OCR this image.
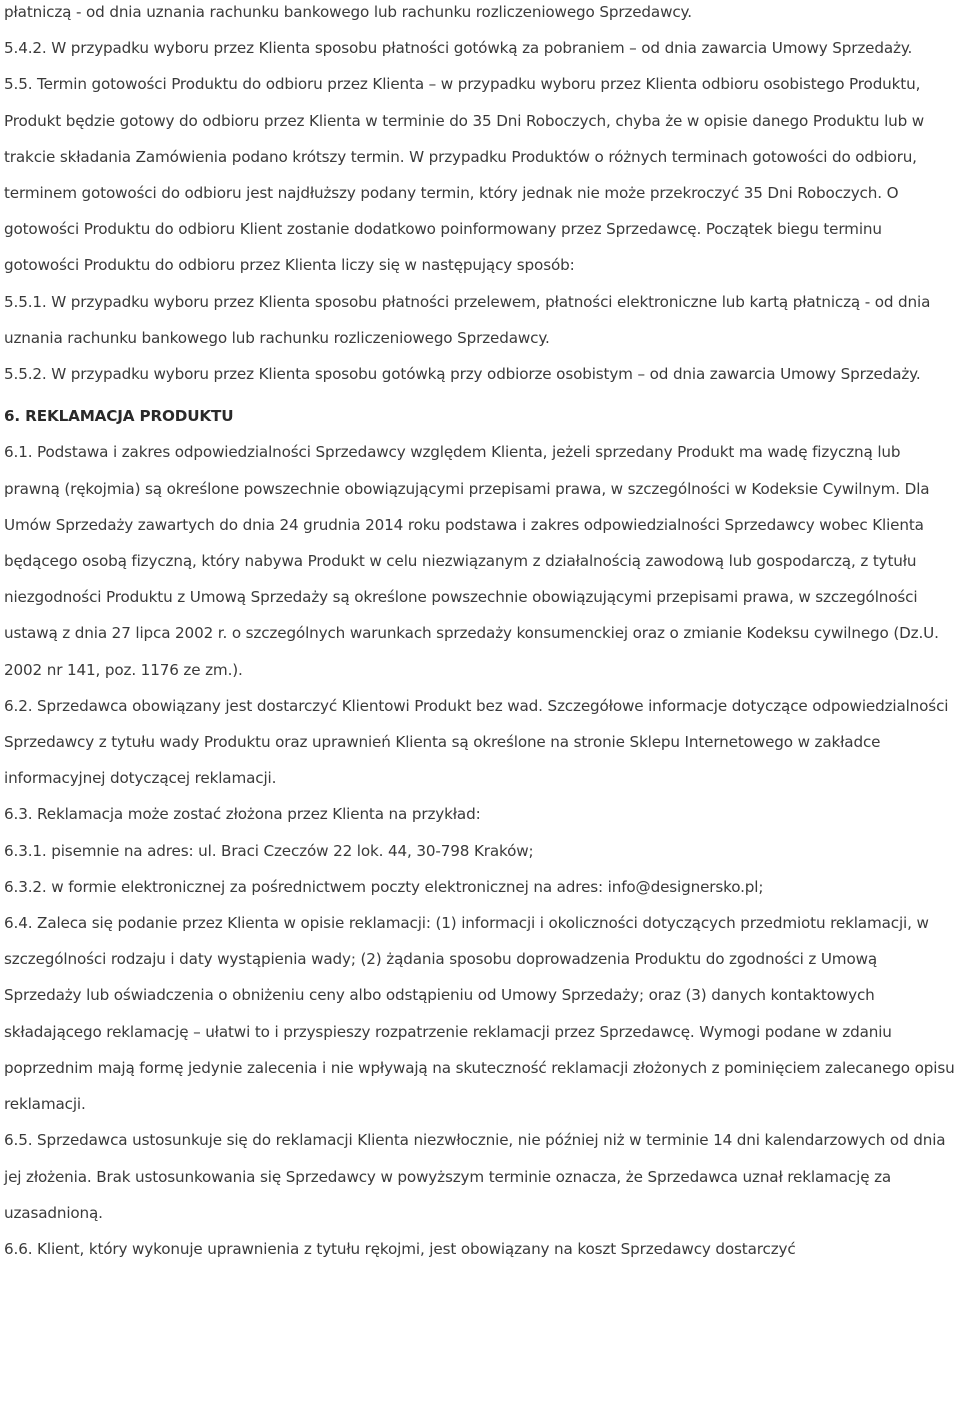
płatniczą - od dnia uznania rachunku bankowego lub rachunku rozliczeniowego Sprzedawcy.

5.4.2. W przypadku wyboru przez Klienta sposobu płatności gotówką za pobraniem – od dnia zawarcia Umowy Sprzedaży.

5.5. Termin gotowości Produktu do odbioru przez Klienta – w przypadku wyboru przez Klienta odbioru osobistego Produktu, Produkt będzie gotowy do odbioru przez Klienta w terminie do 35 Dni Roboczych, chyba że w opisie danego Produktu lub w trakcie składania Zamówienia podano krótszy termin. W przypadku Produktów o różnych terminach gotowości do odbioru, terminem gotowości do odbioru jest najdłuższy podany termin, który jednak nie może przekroczyć 35 Dni Roboczych. O gotowości Produktu do odbioru Klient zostanie dodatkowo poinformowany przez Sprzedawcę. Początek biegu terminu gotowości Produktu do odbioru przez Klienta liczy się w następujący sposób:

5.5.1. W przypadku wyboru przez Klienta sposobu płatności przelewem, płatności elektroniczne lub kartą płatniczą - od dnia uznania rachunku bankowego lub rachunku rozliczeniowego Sprzedawcy.

5.5.2. W przypadku wyboru przez Klienta sposobu gotówką przy odbiorze osobistym – od dnia zawarcia Umowy Sprzedaży.

6. REKLAMACJA PRODUKTU

6.1. Podstawa i zakres odpowiedzialności Sprzedawcy względem Klienta, jeżeli sprzedany Produkt ma wadę fizyczną lub prawną (rękojmia) są określone powszechnie obowiązującymi przepisami prawa, w szczególności w Kodeksie Cywilnym. Dla Umów Sprzedaży zawartych do dnia 24 grudnia 2014 roku podstawa i zakres odpowiedzialności Sprzedawcy wobec Klienta będącego osobą fizyczną, który nabywa Produkt w celu niezwiązanym z działalnością zawodową lub gospodarczą, z tytułu niezgodności Produktu z Umową Sprzedaży są określone powszechnie obowiązującymi przepisami prawa, w szczególności ustawą z dnia 27 lipca 2002 r. o szczególnych warunkach sprzedaży konsumenckiej oraz o zmianie Kodeksu cywilnego (Dz.U. 2002 nr 141, poz. 1176 ze zm.).

6.2. Sprzedawca obowiązany jest dostarczyć Klientowi Produkt bez wad. Szczegółowe informacje dotyczące odpowiedzialności Sprzedawcy z tytułu wady Produktu oraz uprawnień Klienta są określone na stronie Sklepu Internetowego w zakładce informacyjnej dotyczącej reklamacji.

6.3. Reklamacja może zostać złożona przez Klienta na przykład:

6.3.1. pisemnie na adres: ul. Braci Czeczów 22 lok. 44, 30-798 Kraków;

6.3.2. w formie elektronicznej za pośrednictwem poczty elektronicznej na adres: info@designersko.pl;

6.4. Zaleca się podanie przez Klienta w opisie reklamacji: (1) informacji i okoliczności dotyczących przedmiotu reklamacji, w szczególności rodzaju i daty wystąpienia wady; (2) żądania sposobu doprowadzenia Produktu do zgodności z Umową Sprzedaży lub oświadczenia o obniżeniu ceny albo odstąpieniu od Umowy Sprzedaży; oraz (3) danych kontaktowych składającego reklamację – ułatwi to i przyspieszy rozpatrzenie reklamacji przez Sprzedawcę. Wymogi podane w zdaniu poprzednim mają formę jedynie zalecenia i nie wpływają na skuteczność reklamacji złożonych z pominięciem zalecanego opisu reklamacji.

6.5. Sprzedawca ustosunkuje się do reklamacji Klienta niezwłocznie, nie później niż w terminie 14 dni kalendarzowych od dnia jej złożenia. Brak ustosunkowania się Sprzedawcy w powyższym terminie oznacza, że Sprzedawca uznał reklamację za uzasadnioną.

6.6. Klient, który wykonuje uprawnienia z tytułu rękojmi, jest obowiązany na koszt Sprzedawcy dostarczyć
